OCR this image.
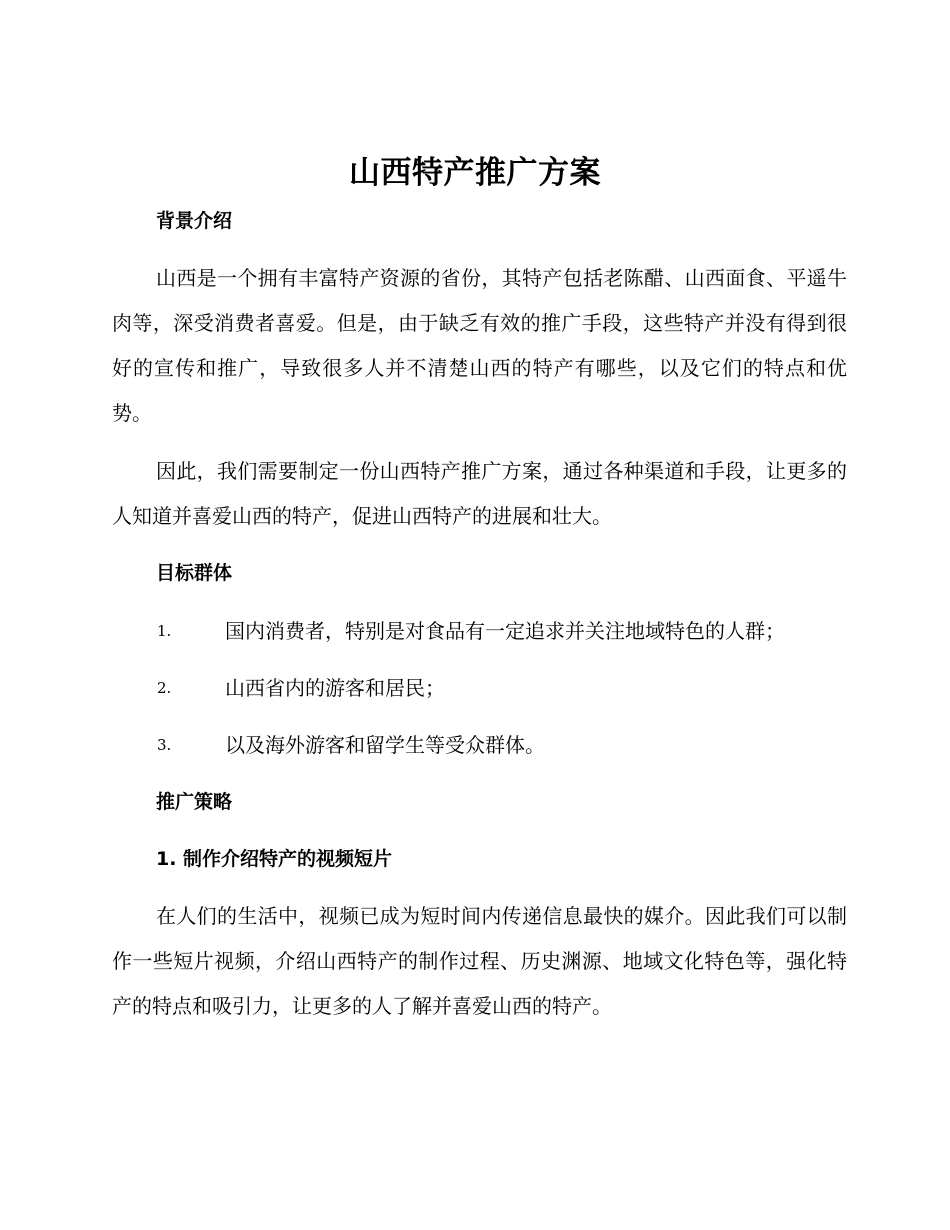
山西特产推广方案
背景介绍

山西是一个拥有丰富特产资源的省份，其特产包括老陈醋、山西面食、平遥牛肉等，深受消费者喜爱。但是，由于缺乏有效的推广手段，这些特产并没有得到很好的宣传和推广，导致很多人并不清楚山西的特产有哪些，以及它们的特点和优势。

因此，我们需要制定一份山西特产推广方案，通过各种渠道和手段，让更多的人知道并喜爱山西的特产，促进山西特产的进展和壮大。

目标群体
1.	国内消费者，特别是对食品有一定追求并关注地域特色的人群；
2.	山西省内的游客和居民；
3.	以及海外游客和留学生等受众群体。
推广策略
1. 制作介绍特产的视频短片

在人们的生活中，视频已成为短时间内传递信息最快的媒介。因此我们可以制作一些短片视频，介绍山西特产的制作过程、历史渊源、地域文化特色等，强化特产的特点和吸引力，让更多的人了解并喜爱山西的特产。
